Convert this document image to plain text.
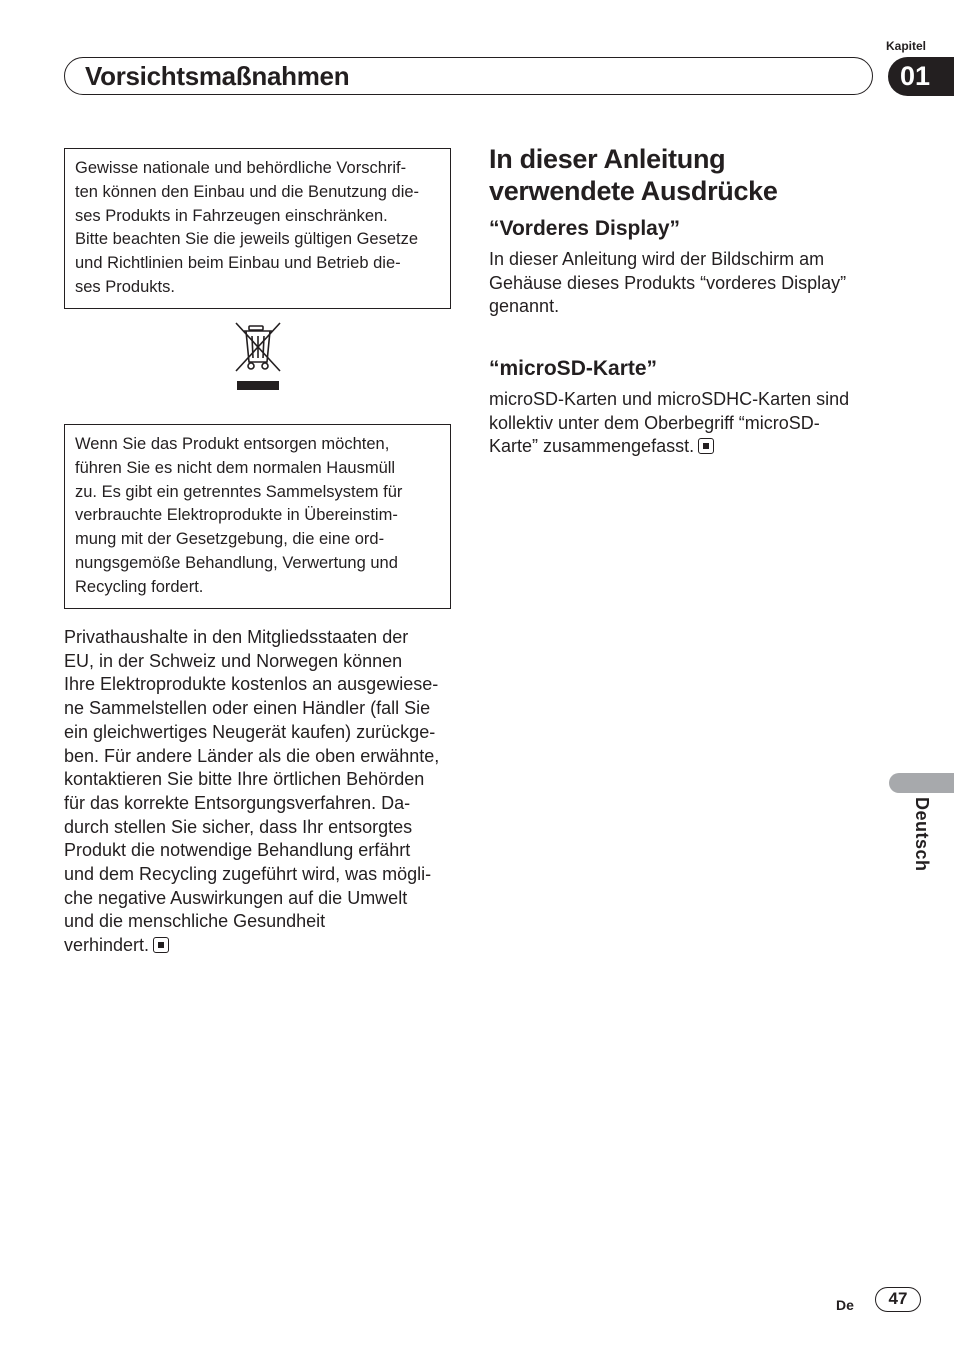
Kapitel
Vorsichtsmaßnahmen	01

Gewisse nationale und behördliche Vorschrif-

ten können den Einbau und die Benutzung die-

ses Produkts in Fahrzeugen einschränken.

Bitte beachten Sie die jeweils gültigen Gesetze

und Richtlinien beim Einbau und Betrieb die-

ses Produkts.

Wenn Sie das Produkt entsorgen möchten,

führen Sie es nicht dem normalen Hausmüll

zu. Es gibt ein getrenntes Sammelsystem für

verbrauchte Elektroprodukte in Übereinstim-

mung mit der Gesetzgebung, die eine ord-

nungsgemöße Behandlung, Verwertung und

Recycling fordert.

Privathaushalte in den Mitgliedsstaaten der

EU, in der Schweiz und Norwegen können

Ihre Elektroprodukte kostenlos an ausgewiese-

ne Sammelstellen oder einen Händler (fall Sie

ein gleichwertiges Neugerät kaufen) zurückge-

ben. Für andere Länder als die oben erwähnte,

kontaktieren Sie bitte Ihre örtlichen Behörden

für das korrekte Entsorgungsverfahren. Da-

durch stellen Sie sicher, dass Ihr entsorgtes

Produkt die notwendige Behandlung erfährt

und dem Recycling zugeführt wird, was mögli-

che negative Auswirkungen auf die Umwelt

und die menschliche Gesundheit

verhindert.

In dieser Anleitung

verwendete Ausdrücke

“Vorderes Display”

In dieser Anleitung wird der Bildschirm am

Gehäuse dieses Produkts “vorderes Display”

genannt.

“microSD-Karte”

microSD-Karten und microSDHC-Karten sind

kollektiv unter dem Oberbegriff “microSD-

Karte” zusammengefasst.

Deutsch
De	47
